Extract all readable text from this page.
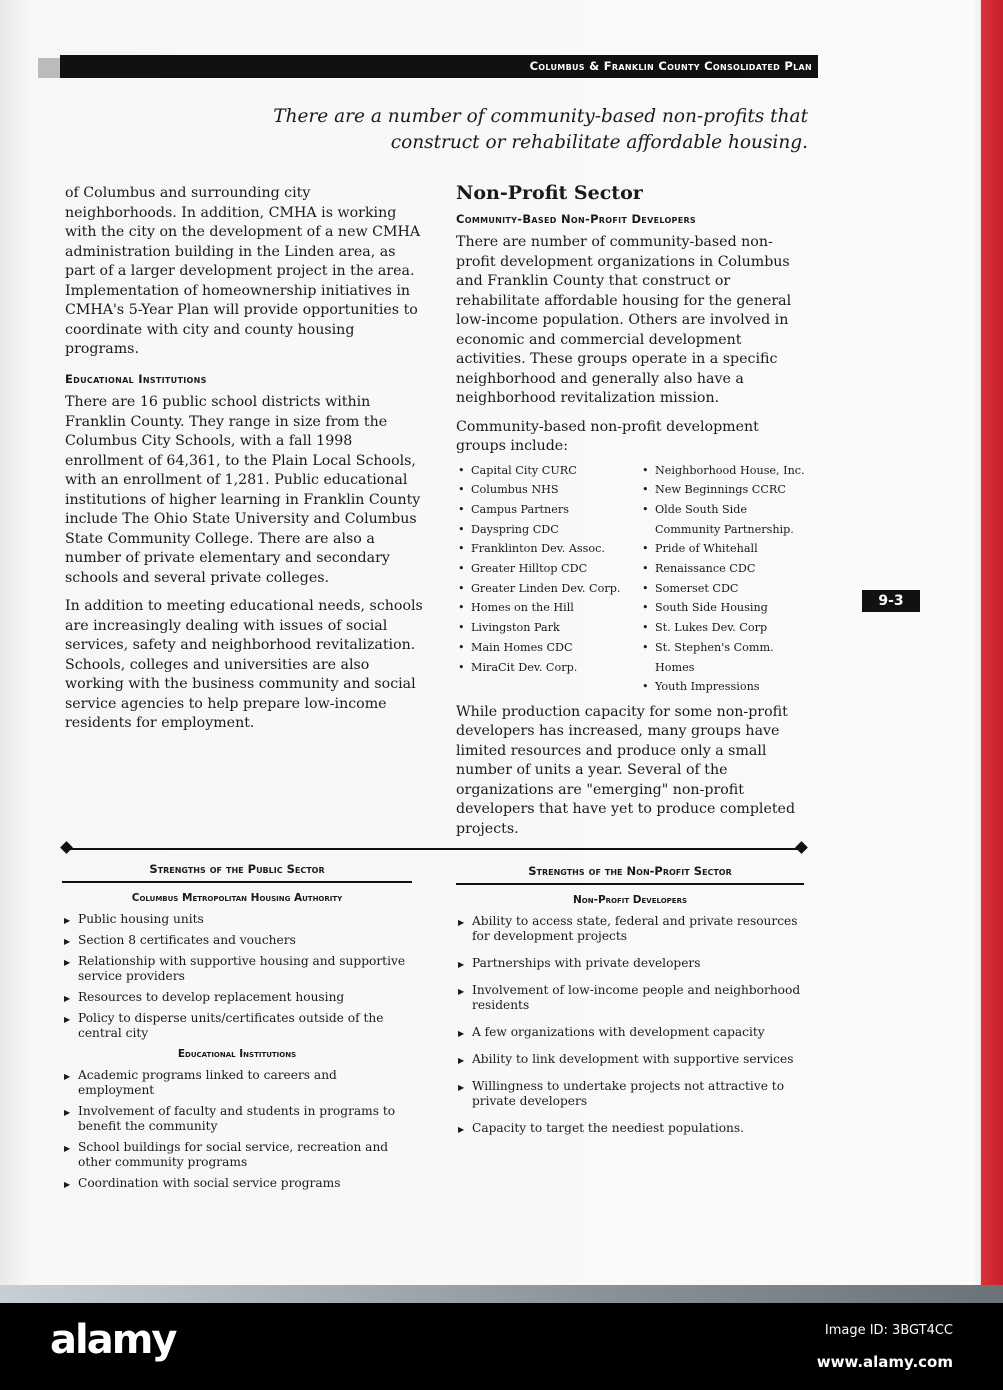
Columbus & Franklin County Consolidated Plan
There are a number of community-based non-profits that construct or rehabilitate affordable housing.

of Columbus and surrounding city neighborhoods. In addition, CMHA is working with the city on the development of a new CMHA administration building in the Linden area, as part of a larger development project in the area. Implementation of homeownership initiatives in CMHA's 5-Year Plan will provide opportunities to coordinate with city and county housing programs.

Educational Institutions

There are 16 public school districts within Franklin County. They range in size from the Columbus City Schools, with a fall 1998 enrollment of 64,361, to the Plain Local Schools, with an enrollment of 1,281. Public educational institutions of higher learning in Franklin County include The Ohio State University and Columbus State Community College. There are also a number of private elementary and secondary schools and several private colleges.

In addition to meeting educational needs, schools are increasingly dealing with issues of social services, safety and neighborhood revitalization. Schools, colleges and universities are also working with the business community and social service agencies to help prepare low-income residents for employment.

Non-Profit Sector
Community-Based Non-Profit Developers

There are number of community-based non-profit development organizations in Columbus and Franklin County that construct or rehabilitate affordable housing for the general low-income population. Others are involved in economic and commercial development activities. These groups operate in a specific neighborhood and generally also have a neighborhood revitalization mission.

Community-based non-profit development groups include:

• Capital City CURC
• Columbus NHS
• Campus Partners
• Dayspring CDC
• Franklinton Dev. Assoc.
• Greater Hilltop CDC
• Greater Linden Dev. Corp.
• Homes on the Hill
• Livingston Park
• Main Homes CDC
• MiraCit Dev. Corp.
• Neighborhood House, Inc.
• New Beginnings CCRC
• Olde South Side Community Partnership.
• Pride of Whitehall
• Renaissance CDC
• Somerset CDC
• South Side Housing
• St. Lukes Dev. Corp
• St. Stephen's Comm. Homes
• Youth Impressions

While production capacity for some non-profit developers has increased, many groups have limited resources and produce only a small number of units a year. Several of the organizations are "emerging" non-profit developers that have yet to produce completed projects.

9-3
Strengths of the Public Sector
Columbus Metropolitan Housing Authority
▶ Public housing units
▶ Section 8 certificates and vouchers
▶ Relationship with supportive housing and supportive service providers
▶ Resources to develop replacement housing
▶ Policy to disperse units/certificates outside of the central city
Educational Institutions
▶ Academic programs linked to careers and employment
▶ Involvement of faculty and students in programs to benefit the community
▶ School buildings for social service, recreation and other community programs
▶ Coordination with social service programs
Strengths of the Non-Profit Sector
Non-Profit Developers
▶ Ability to access state, federal and private resources for development projects
▶ Partnerships with private developers
▶ Involvement of low-income people and neighborhood residents
▶ A few organizations with development capacity
▶ Ability to link development with supportive services
▶ Willingness to undertake projects not attractive to private developers
▶ Capacity to target the neediest populations.
alamy	Image ID: 3BGT4CC
www.alamy.com
